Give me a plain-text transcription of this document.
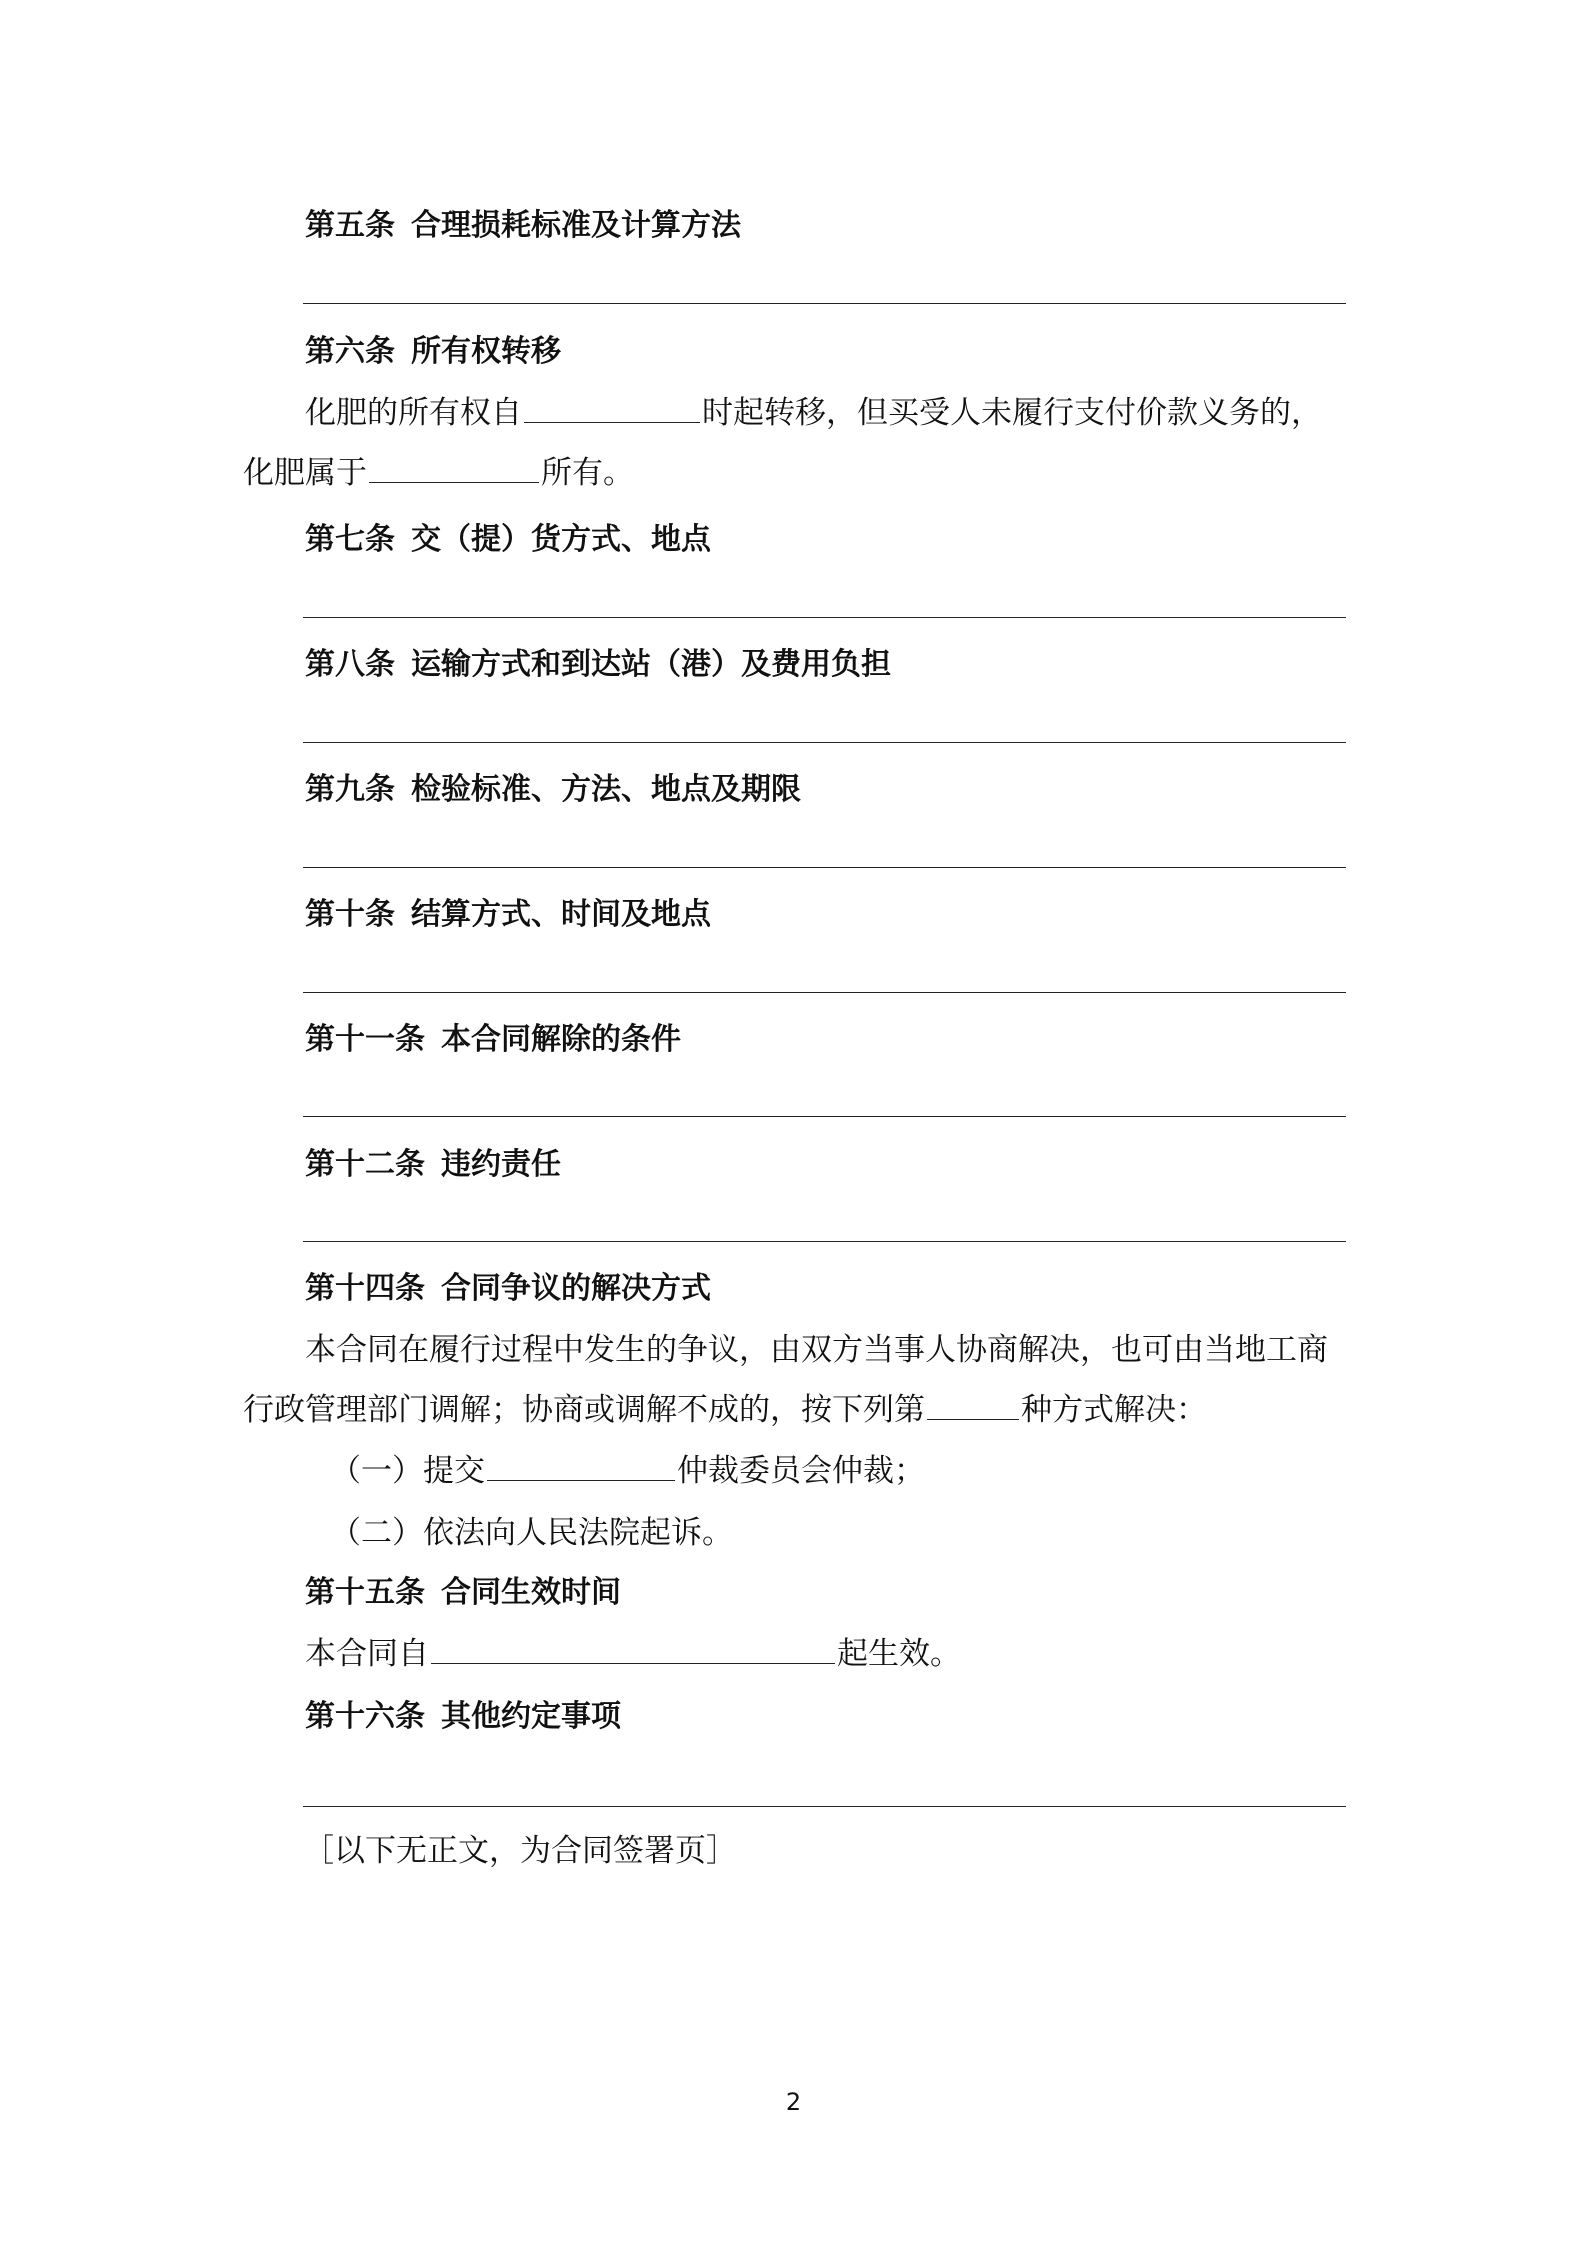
第五条 合理损耗标准及计算方法
第六条 所有权转移
化肥的所有权自	时起转移，但买受人未履行支付价款义务的，
化肥属于	所有。
第七条 交（提）货方式、地点
第八条 运输方式和到达站（港）及费用负担
第九条 检验标准、方法、地点及期限
第十条 结算方式、时间及地点
第十一条 本合同解除的条件
第十二条 违约责任
第十四条 合同争议的解决方式
本合同在履行过程中发生的争议，由双方当事人协商解决，也可由当地工商
行政管理部门调解；协商或调解不成的，按下列第	种方式解决：
（一）提交	仲裁委员会仲裁；
（二）依法向人民法院起诉。
第十五条 合同生效时间
本合同自	起生效。
第十六条 其他约定事项
［以下无正文，为合同签署页］
2
